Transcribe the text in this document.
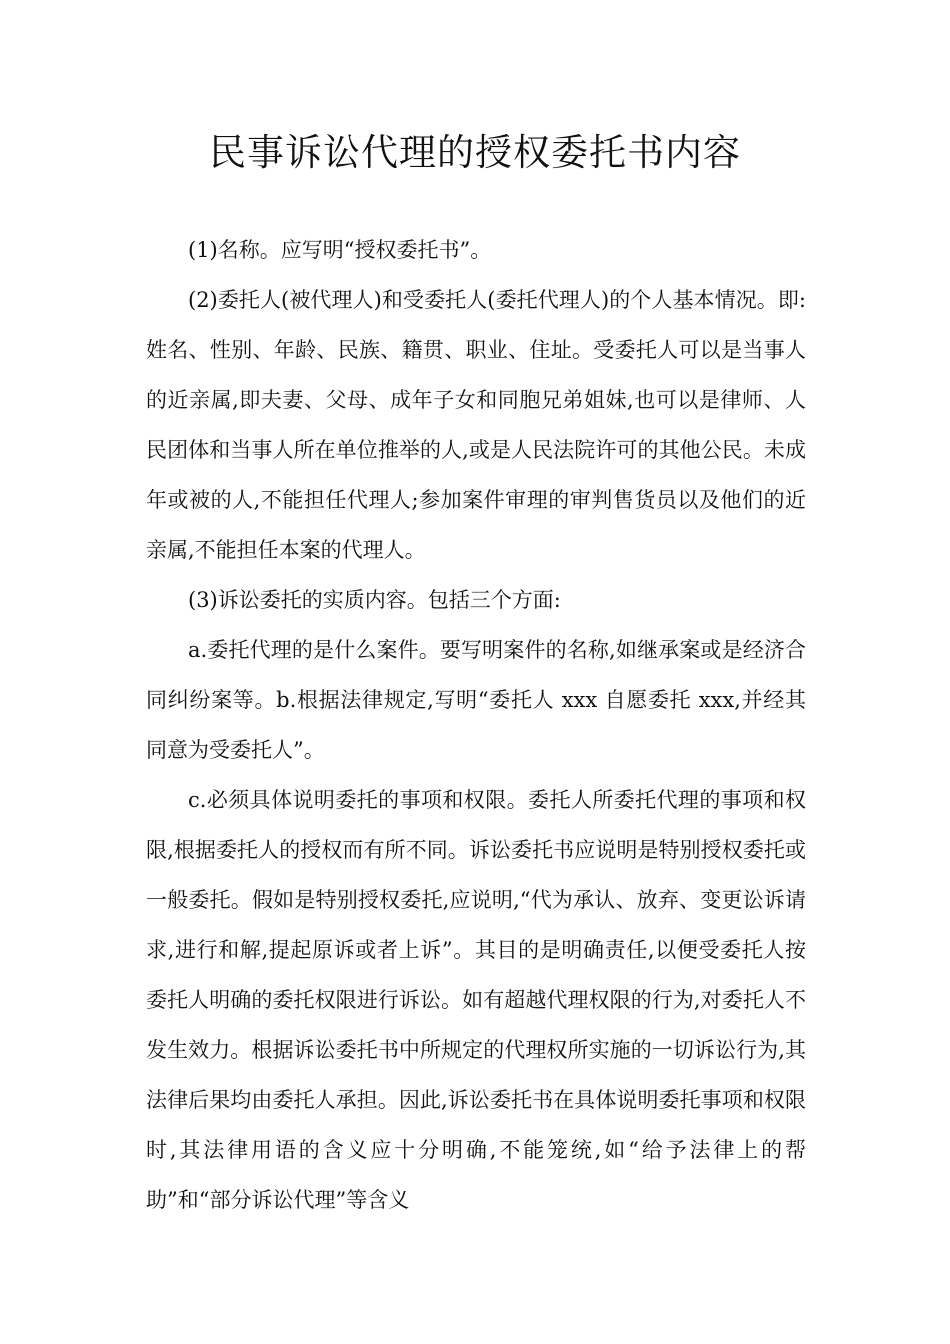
民事诉讼代理的授权委托书内容

(1)名称。应写明“授权委托书”。

(2)委托人(被代理人)和受委托人(委托代理人)的个人基本情况。即:姓名、性别、年龄、民族、籍贯、职业、住址。受委托人可以是当事人的近亲属,即夫妻、父母、成年子女和同胞兄弟姐妹,也可以是律师、人民团体和当事人所在单位推举的人,或是人民法院许可的其他公民。未成年或被的人,不能担任代理人;参加案件审理的审判售货员以及他们的近亲属,不能担任本案的代理人。

(3)诉讼委托的实质内容。包括三个方面:

a.委托代理的是什么案件。要写明案件的名称,如继承案或是经济合同纠纷案等。b.根据法律规定,写明“委托人 xxx 自愿委托 xxx,并经其同意为受委托人”。

c.必须具体说明委托的事项和权限。委托人所委托代理的事项和权限,根据委托人的授权而有所不同。诉讼委托书应说明是特别授权委托或一般委托。假如是特别授权委托,应说明,“代为承认、放弃、变更讼诉请求,进行和解,提起原诉或者上诉”。其目的是明确责任,以便受委托人按委托人明确的委托权限进行诉讼。如有超越代理权限的行为,对委托人不发生效力。根据诉讼委托书中所规定的代理权所实施的一切诉讼行为,其法律后果均由委托人承担。因此,诉讼委托书在具体说明委托事项和权限时,其法律用语的含义应十分明确,不能笼统,如“给予法律上的帮助”和“部分诉讼代理”等含义
